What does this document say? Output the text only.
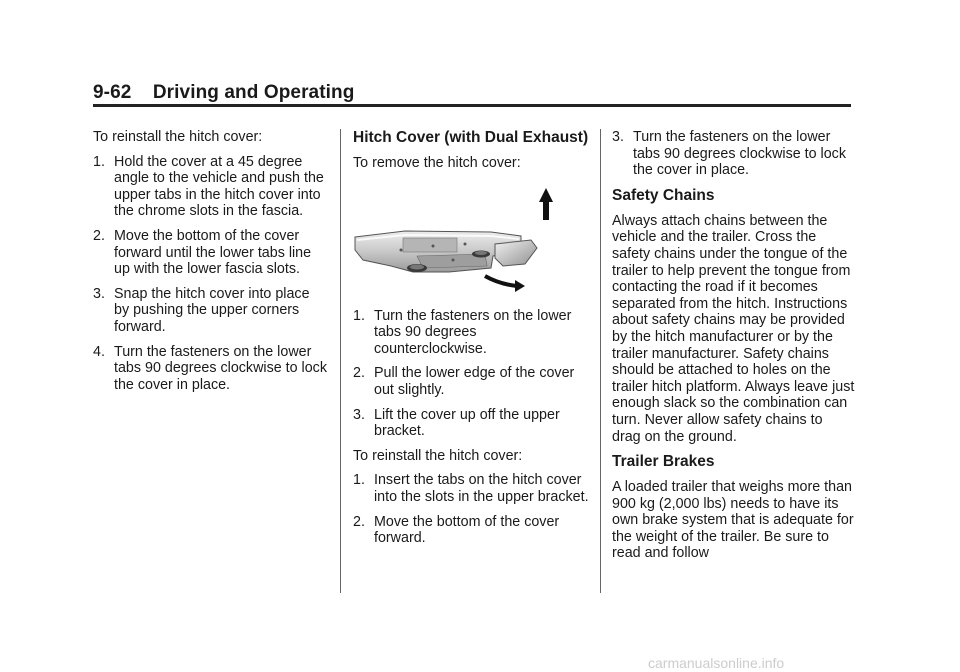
9-62 Driving and Operating

To reinstall the hitch cover:

1. Hold the cover at a 45 degree angle to the vehicle and push the upper tabs in the hitch cover into the chrome slots in the fascia.
2. Move the bottom of the cover forward until the lower tabs line up with the lower fascia slots.
3. Snap the hitch cover into place by pushing the upper corners forward.
4. Turn the fasteners on the lower tabs 90 degrees clockwise to lock the cover in place.
Hitch Cover (with Dual Exhaust)

To remove the hitch cover:

1. Turn the fasteners on the lower tabs 90 degrees counterclockwise.
2. Pull the lower edge of the cover out slightly.
3. Lift the cover up off the upper bracket.

To reinstall the hitch cover:

1. Insert the tabs on the hitch cover into the slots in the upper bracket.
2. Move the bottom of the cover forward.
3. Turn the fasteners on the lower tabs 90 degrees clockwise to lock the cover in place.
Safety Chains

Always attach chains between the vehicle and the trailer. Cross the safety chains under the tongue of the trailer to help prevent the tongue from contacting the road if it becomes separated from the hitch. Instructions about safety chains may be provided by the hitch manufacturer or by the trailer manufacturer. Safety chains should be attached to holes on the trailer hitch platform. Always leave just enough slack so the combination can turn. Never allow safety chains to drag on the ground.

Trailer Brakes

A loaded trailer that weighs more than 900 kg (2,000 lbs) needs to have its own brake system that is adequate for the weight of the trailer. Be sure to read and follow

carmanualsonline.info
